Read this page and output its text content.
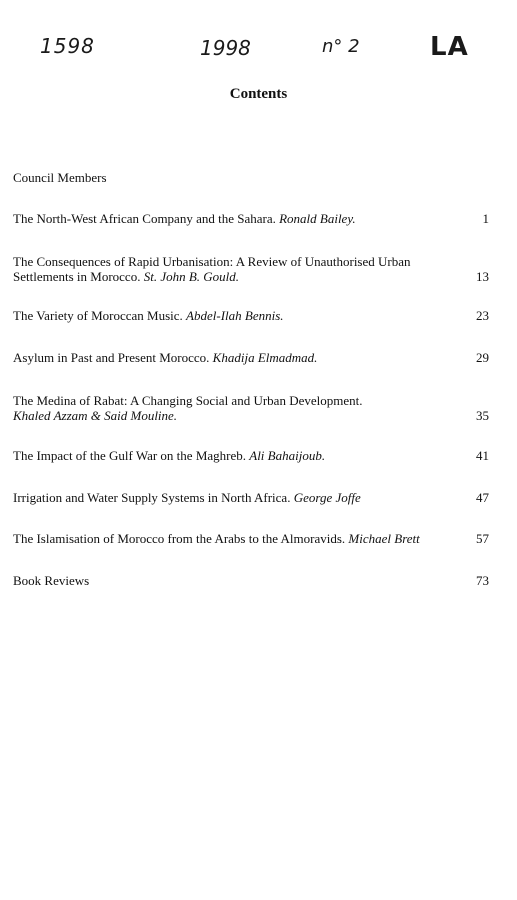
1598	1998	n° 2	LA
Contents
Council Members
The North-West African Company and the Sahara. Ronald Bailey.	1
The Consequences of Rapid Urbanisation: A Review of Unauthorised Urban
Settlements in Morocco. St. John B. Gould.	13
The Variety of Moroccan Music. Abdel-Ilah Bennis.	23
Asylum in Past and Present Morocco. Khadija Elmadmad.	29
The Medina of Rabat: A Changing Social and Urban Development.
Khaled Azzam & Said Mouline.	35
The Impact of the Gulf War on the Maghreb. Ali Bahaijoub.	41
Irrigation and Water Supply Systems in North Africa. George Joffe	47
The Islamisation of Morocco from the Arabs to the Almoravids. Michael Brett	57
Book Reviews	73
